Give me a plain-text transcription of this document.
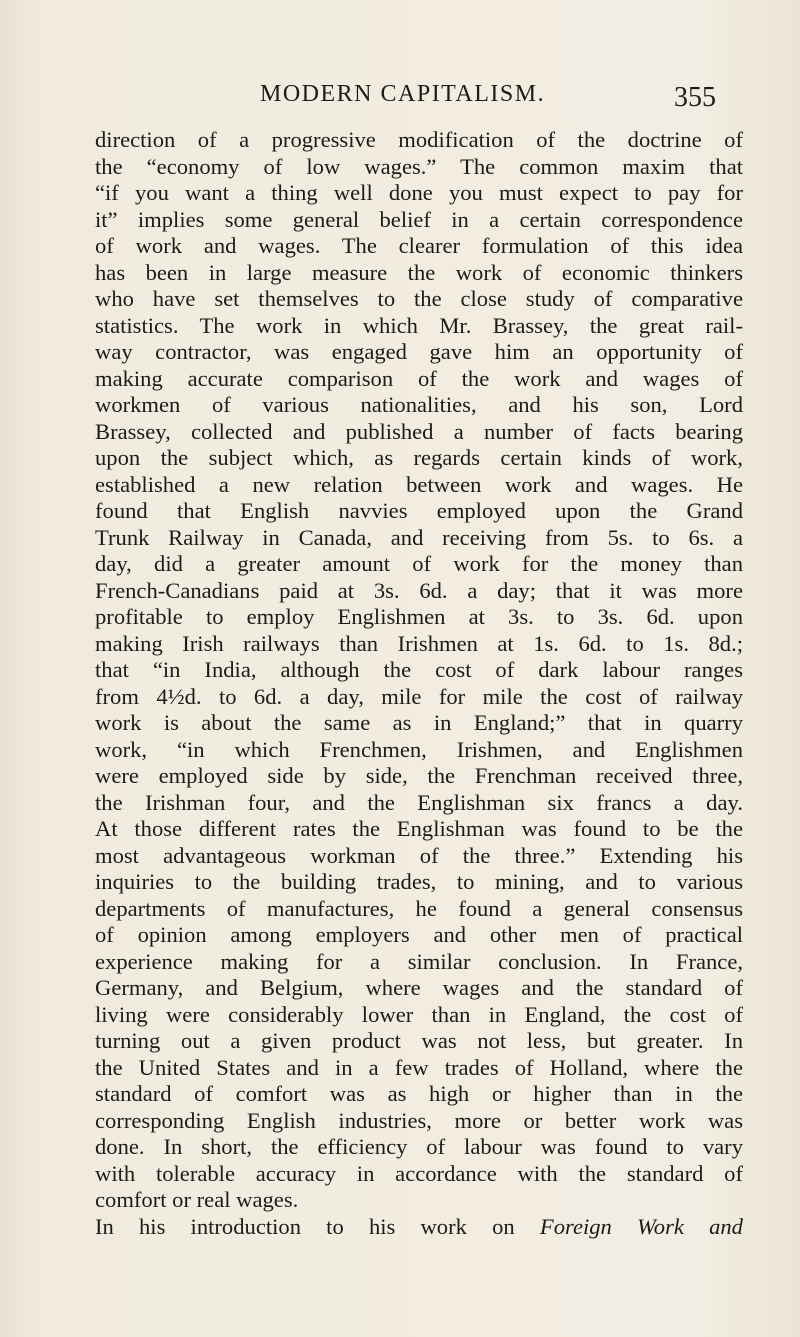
MODERN CAPITALISM.	355
direction of a progressive modification of the doctrine of
the “economy of low wages.” The common maxim that
“if you want a thing well done you must expect to pay for
it” implies some general belief in a certain correspondence
of work and wages. The clearer formulation of this idea
has been in large measure the work of economic thinkers
who have set themselves to the close study of comparative
statistics. The work in which Mr. Brassey, the great rail-
way contractor, was engaged gave him an opportunity of
making accurate comparison of the work and wages of
workmen of various nationalities, and his son, Lord
Brassey, collected and published a number of facts bearing
upon the subject which, as regards certain kinds of work,
established a new relation between work and wages. He
found that English navvies employed upon the Grand
Trunk Railway in Canada, and receiving from 5s. to 6s. a
day, did a greater amount of work for the money than
French-Canadians paid at 3s. 6d. a day; that it was more
profitable to employ Englishmen at 3s. to 3s. 6d. upon
making Irish railways than Irishmen at 1s. 6d. to 1s. 8d.;
that “in India, although the cost of dark labour ranges
from 4½d. to 6d. a day, mile for mile the cost of railway
work is about the same as in England;” that in quarry
work, “in which Frenchmen, Irishmen, and Englishmen
were employed side by side, the Frenchman received three,
the Irishman four, and the Englishman six francs a day.
At those different rates the Englishman was found to be the
most advantageous workman of the three.” Extending his
inquiries to the building trades, to mining, and to various
departments of manufactures, he found a general consensus
of opinion among employers and other men of practical
experience making for a similar conclusion. In France,
Germany, and Belgium, where wages and the standard of
living were considerably lower than in England, the cost of
turning out a given product was not less, but greater. In
the United States and in a few trades of Holland, where the
standard of comfort was as high or higher than in the
corresponding English industries, more or better work was
done. In short, the efficiency of labour was found to vary
with tolerable accuracy in accordance with the standard of
comfort or real wages.
In his introduction to his work on Foreign Work and
